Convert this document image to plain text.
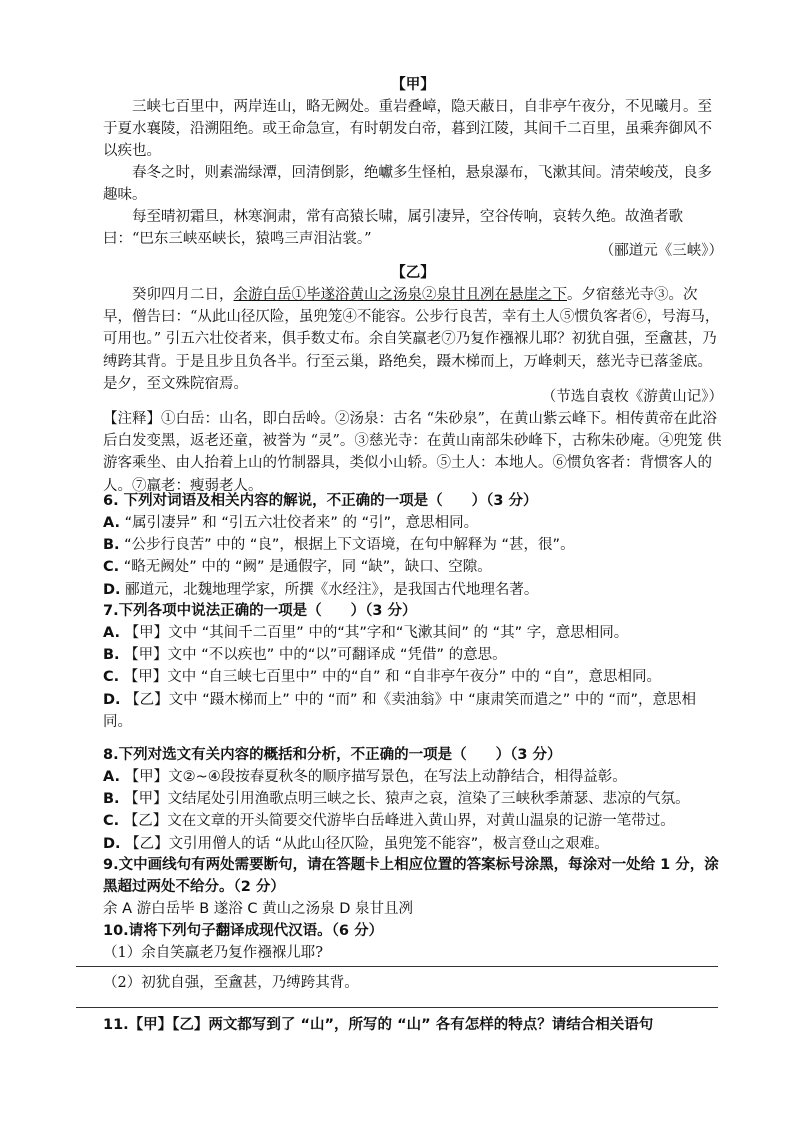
【甲】
三峡七百里中，两岸连山，略无阙处。重岩叠嶂，隐天蔽日，自非亭午夜分，不见曦月。至于夏水襄陵，沿溯阻绝。或王命急宣，有时朝发白帝，暮到江陵，其间千二百里，虽乘奔御风不以疾也。
春冬之时，则素湍绿潭，回清倒影，绝巘多生怪柏，悬泉瀑布，飞漱其间。清荣峻茂，良多趣味。
每至晴初霜旦，林寒涧肃，常有高猿长啸，属引凄异，空谷传响，哀转久绝。故渔者歌曰：“巴东三峡巫峡长，猿鸣三声泪沾裳。”
（郦道元《三峡》）
【乙】
癸卯四月二日，余游白岳①毕遂浴黄山之汤泉②泉甘且冽在悬崖之下。夕宿慈光寺③。次早，僧告曰：“从此山径仄险，虽兜笼④不能容。公步行良苦，幸有土人⑤惯负客者⑥，号海马，可用也。” 引五六壮佼者来，俱手数丈布。余自笑羸老⑦乃复作襁褓儿耶？初犹自强，至盦甚，乃缚跨其背。于是且步且负各半。行至云巢，路绝矣，蹑木梯而上，万峰刺天，慈光寺已落釜底。是夕，至文殊院宿焉。
（节选自袁枚《游黄山记》）
【注释】①白岳：山名，即白岳岭。②汤泉：古名 “朱砂泉”，在黄山紫云峰下。相传黄帝在此浴后白发变黑，返老还童，被誉为 “灵”。③慈光寺：在黄山南部朱砂峰下，古称朱砂庵。④兜笼 供游客乘坐、由人抬着上山的竹制器具，类似小山轿。⑤土人：本地人。⑥惯负客者：背惯客人的人。⑦羸老：瘦弱老人。
6. 下列对词语及相关内容的解说，不正确的一项是（　　）（3 分）
A. “属引凄异” 和 “引五六壮佼者来” 的 “引”，意思相同。
B. “公步行良苦” 中的 “良”，根据上下文语境，在句中解释为 “甚，很”。
C. “略无阙处” 中的 “阙” 是通假字，同 “缺”，缺口、空隙。
D. 郦道元，北魏地理学家，所撰《水经注》，是我国古代地理名著。
7.下列各项中说法正确的一项是（　　）（3 分）
A. 【甲】文中 “其间千二百里” 中的“其”字和“飞漱其间” 的 “其” 字，意思相同。
B. 【甲】文中 “不以疾也” 中的“以”可翻译成 “凭借” 的意思。
C. 【甲】文中 “自三峡七百里中” 中的“自” 和 “自非亭午夜分” 中的 “自”，意思相同。
D. 【乙】文中 “蹑木梯而上” 中的 “而” 和《卖油翁》中 “康肃笑而遣之” 中的 “而”，意思相同。
8.下列对选文有关内容的概括和分析，不正确的一项是（　　）（3 分）
A. 【甲】文②~④段按春夏秋冬的顺序描写景色，在写法上动静结合，相得益彰。
B. 【甲】文结尾处引用渔歌点明三峡之长、猿声之哀，渲染了三峡秋季萧瑟、悲凉的气氛。
C. 【乙】文在文章的开头简要交代游毕白岳峰进入黄山界，对黄山温泉的记游一笔带过。
D. 【乙】文引用僧人的话 “从此山径仄险，虽兜笼不能容”，极言登山之艰难。
9.文中画线句有两处需要断句，请在答题卡上相应位置的答案标号涂黑，每涂对一处给 1 分，涂黑超过两处不给分。（2 分）
余 A 游白岳毕 B 遂浴 C 黄山之汤泉 D 泉甘且冽
10.请将下列句子翻译成现代汉语。（6 分）
（1）余自笑羸老乃复作襁褓儿耶?
（2）初犹自强，至盦甚，乃缚跨其背。
11.【甲】【乙】两文都写到了 “山”，所写的 “山” 各有怎样的特点？请结合相关语句
